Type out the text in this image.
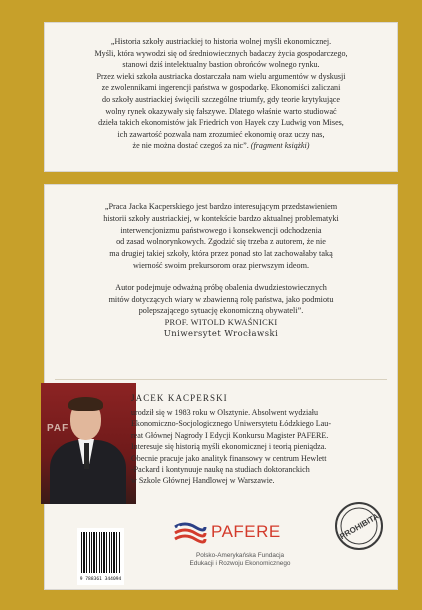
„Historia szkoły austriackiej to historia wolnej myśli ekonomicznej.
Myśli, która wywodzi się od średniowiecznych badaczy życia gospodarczego,
stanowi dziś intelektualny bastion obrońców wolnego rynku.
Przez wieki szkoła austriacka dostarczała nam wielu argumentów w dyskusji
ze zwolennikami ingerencji państwa w gospodarkę. Ekonomiści zaliczani
do szkoły austriackiej święcili szczególne triumfy, gdy teorie krytykujące
wolny rynek okazywały się fałszywe. Dlatego właśnie warto studiować
dzieła takich ekonomistów jak Friedrich von Hayek czy Ludwig von Mises,
ich zawartość pozwala nam zrozumieć ekonomię oraz uczy nas,
że nie można dostać czegoś za nic”. (fragment książki)

„Praca Jacka Kacperskiego jest bardzo interesującym przedstawieniem
historii szkoły austriackiej, w kontekście bardzo aktualnej problematyki
interwencjonizmu państwowego i konsekwencji odchodzenia
od zasad wolnorynkowych. Zgodzić się trzeba z autorem, że nie
ma drugiej takiej szkoły, która przez ponad sto lat zachowałaby taką
wierność swoim prekursorom oraz pierwszym ideom.

Autor podejmuje odważną próbę obalenia dwudziestowiecznych
mitów dotyczących wiary w zbawienną rolę państwa, jako podmiotu
polepszającego sytuację ekonomiczną obywateli”.

PROF. WITOLD KWAŚNICKI
Uniwersytet Wrocławski
PAF
JACEK KACPERSKI
urodził się w 1983 roku w Olsztynie. Absolwent wydziału
Ekonomiczno-Socjologicznego Uniwersytetu Łódzkiego Lau-
reat Głównej Nagrody I Edycji Konkursu Magister PAFERE.
Interesuje się historią myśli ekonomicznej i teorią pieniądza.
Obecnie pracuje jako analityk finansowy w centrum Hewlett
-Packard i kontynuuje naukę na studiach doktoranckich
w Szkole Głównej Handlowej w Warszawie.
9 788361 344094
PAFERE
Polsko-Amerykańska Fundacja
Edukacji i Rozwoju Ekonomicznego
PROHIBITA
